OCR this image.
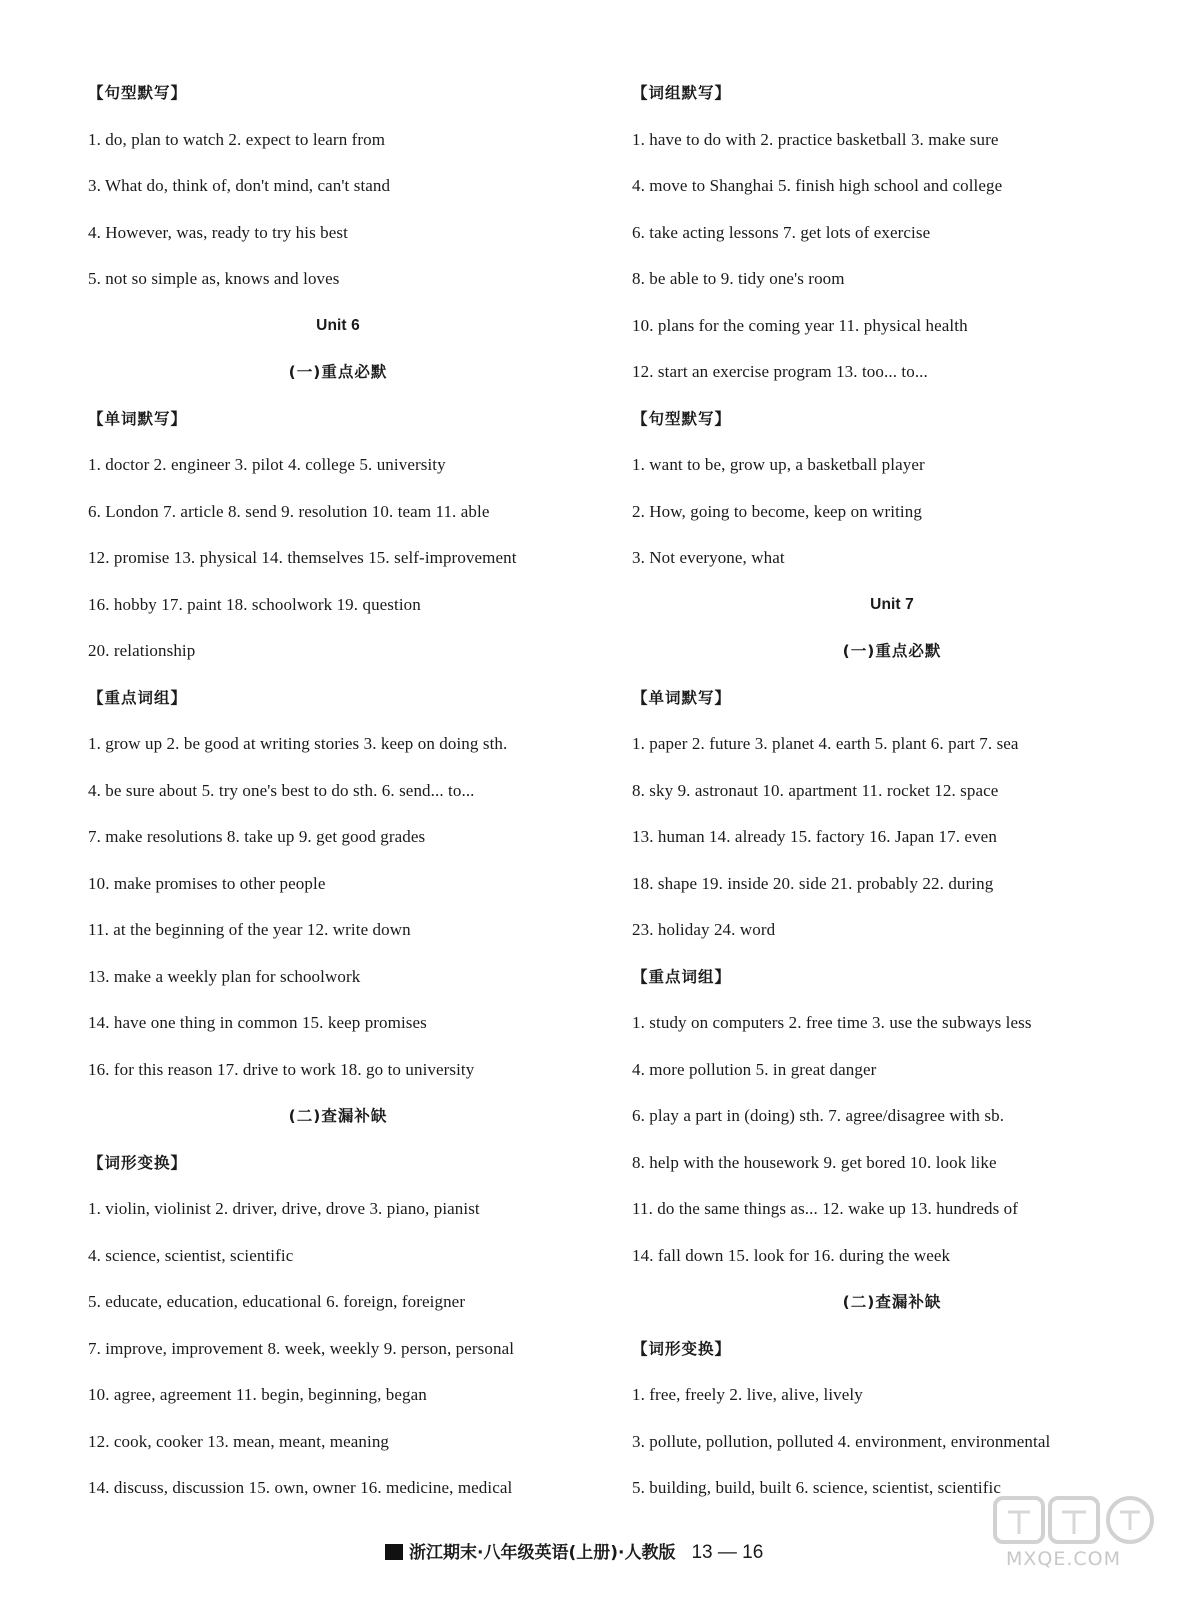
【句型默写】
1. do, plan to watch 2. expect to learn from
3. What do, think of, don't mind, can't stand
4. However, was, ready to try his best
5. not so simple as, knows and loves
Unit 6
(一)重点必默
【单词默写】
1. doctor 2. engineer 3. pilot 4. college 5. university
6. London 7. article 8. send 9. resolution 10. team 11. able
12. promise 13. physical 14. themselves 15. self-improvement
16. hobby 17. paint 18. schoolwork 19. question
20. relationship
【重点词组】
1. grow up 2. be good at writing stories 3. keep on doing sth.
4. be sure about 5. try one's best to do sth. 6. send... to...
7. make resolutions 8. take up 9. get good grades
10. make promises to other people
11. at the beginning of the year 12. write down
13. make a weekly plan for schoolwork
14. have one thing in common 15. keep promises
16. for this reason 17. drive to work 18. go to university
(二)查漏补缺
【词形变换】
1. violin, violinist 2. driver, drive, drove 3. piano, pianist
4. science, scientist, scientific
5. educate, education, educational 6. foreign, foreigner
7. improve, improvement 8. week, weekly 9. person, personal
10. agree, agreement 11. begin, beginning, began
12. cook, cooker 13. mean, meant, meaning
14. discuss, discussion 15. own, owner 16. medicine, medical
【词组默写】
1. have to do with 2. practice basketball 3. make sure
4. move to Shanghai 5. finish high school and college
6. take acting lessons 7. get lots of exercise
8. be able to 9. tidy one's room
10. plans for the coming year 11. physical health
12. start an exercise program 13. too... to...
【句型默写】
1. want to be, grow up, a basketball player
2. How, going to become, keep on writing
3. Not everyone, what
Unit 7
(一)重点必默
【单词默写】
1. paper 2. future 3. planet 4. earth 5. plant 6. part 7. sea
8. sky 9. astronaut 10. apartment 11. rocket 12. space
13. human 14. already 15. factory 16. Japan 17. even
18. shape 19. inside 20. side 21. probably 22. during
23. holiday 24. word
【重点词组】
1. study on computers 2. free time 3. use the subways less
4. more pollution 5. in great danger
6. play a part in (doing) sth. 7. agree/disagree with sb.
8. help with the housework 9. get bored 10. look like
11. do the same things as... 12. wake up 13. hundreds of
14. fall down 15. look for 16. during the week
(二)查漏补缺
【词形变换】
1. free, freely 2. live, alive, lively
3. pollute, pollution, polluted 4. environment, environmental
5. building, build, built 6. science, scientist, scientific
浙江期末·八年级英语(上册)·人教版 13 — 16	MXQE.COM
